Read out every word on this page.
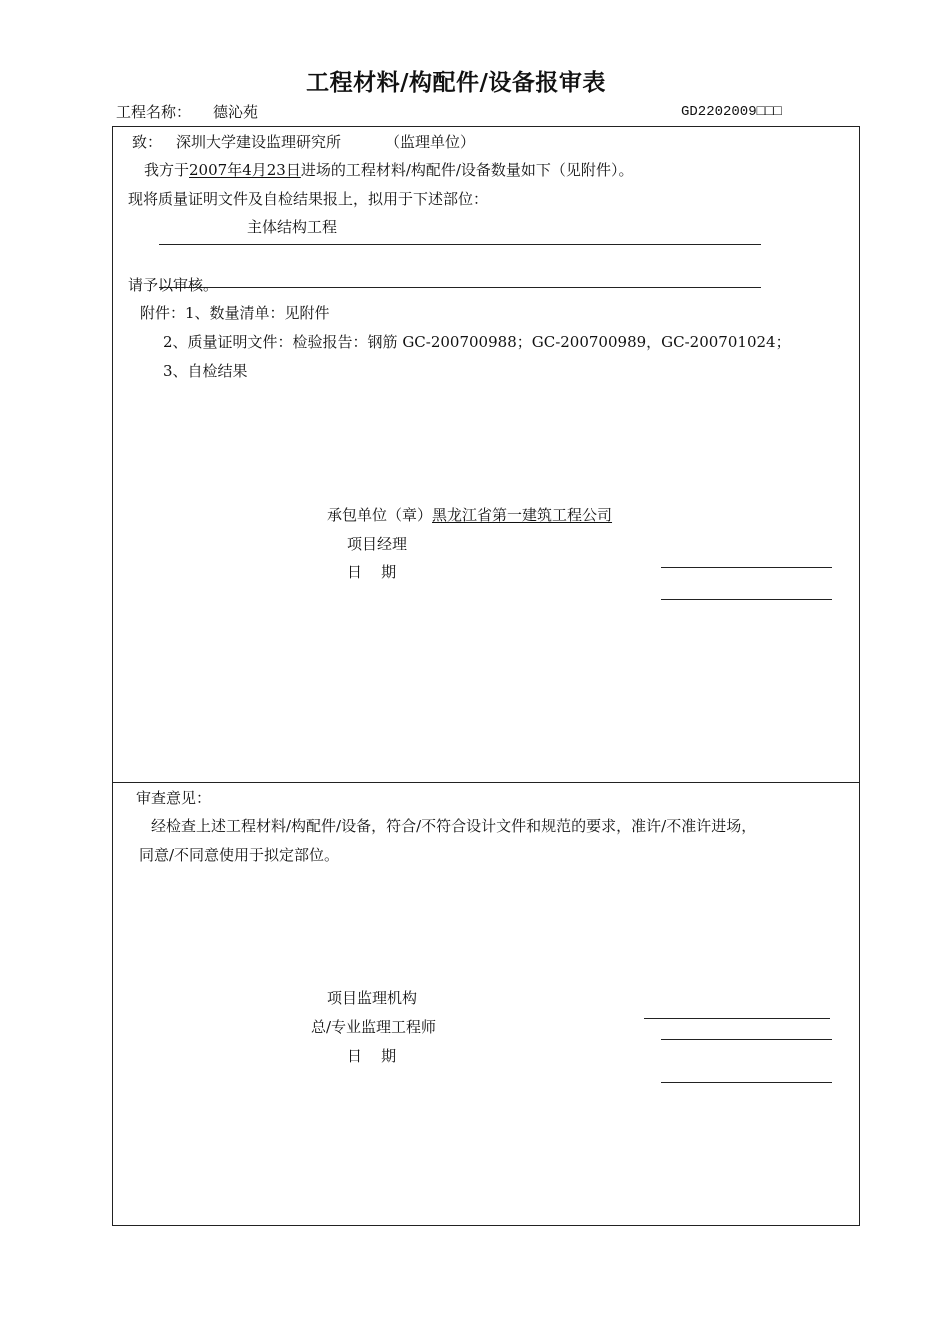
工程材料/构配件/设备报审表
工程名称： 德沁苑	GD2202009□□□
致： 深圳大学建设监理研究所	（监理单位）
我方于2007年4月23日进场的工程材料/构配件/设备数量如下（见附件）。
现将质量证明文件及自检结果报上，拟用于下述部位：
主体结构工程
请予以审核。
附件：1、数量清单：见附件
2、质量证明文件：检验报告：钢筋 GC-200700988；GC-200700989，GC-200701024；
3、自检结果
承包单位（章）黑龙江省第一建筑工程公司
项目经理
日    期
审查意见：
经检查上述工程材料/构配件/设备，符合/不符合设计文件和规范的要求，准许/不准许进场，
同意/不同意使用于拟定部位。
项目监理机构
总/专业监理工程师
日    期
